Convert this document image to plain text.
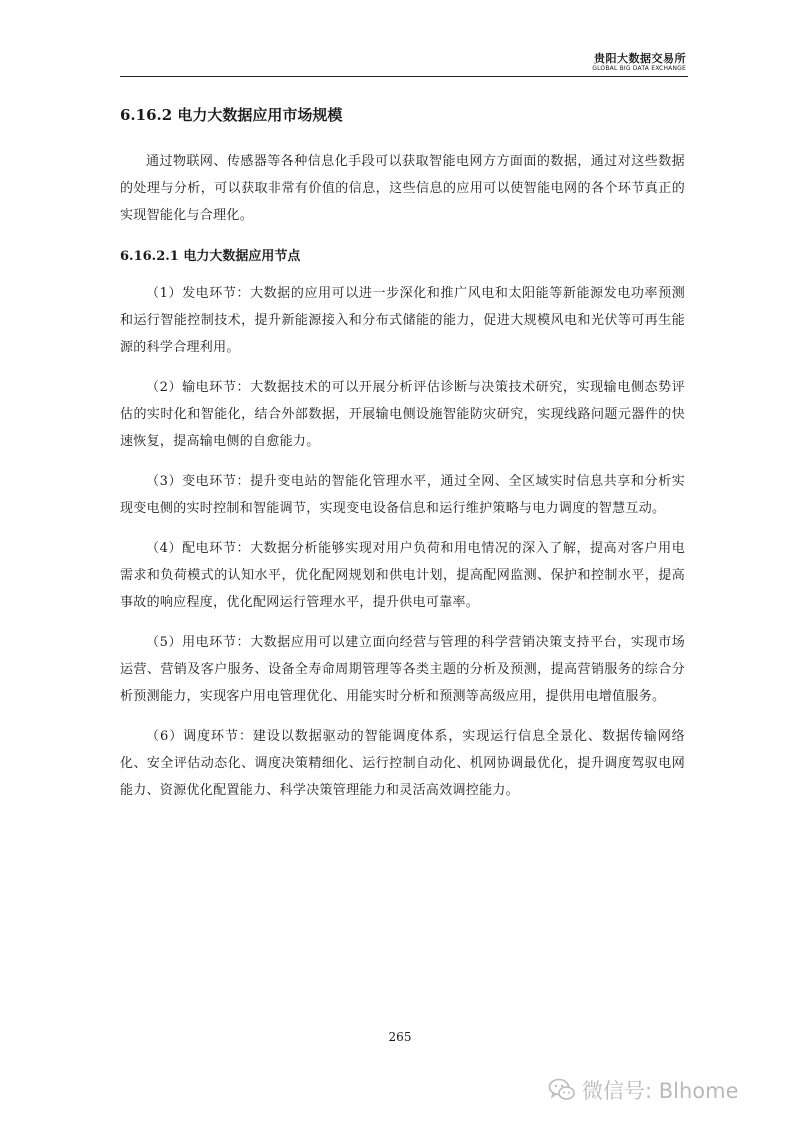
贵阳大数据交易所
GLOBAL BIG DATA EXCHANGE
6.16.2 电力大数据应用市场规模

通过物联网、传感器等各种信息化手段可以获取智能电网方方面面的数据，通过对这些数据的处理与分析，可以获取非常有价值的信息，这些信息的应用可以使智能电网的各个环节真正的实现智能化与合理化。

6.16.2.1 电力大数据应用节点

（1）发电环节：大数据的应用可以进一步深化和推广风电和太阳能等新能源发电功率预测和运行智能控制技术，提升新能源接入和分布式储能的能力，促进大规模风电和光伏等可再生能源的科学合理利用。

（2）输电环节：大数据技术的可以开展分析评估诊断与决策技术研究，实现输电侧态势评估的实时化和智能化，结合外部数据，开展输电侧设施智能防灾研究，实现线路问题元器件的快速恢复，提高输电侧的自愈能力。

（3）变电环节：提升变电站的智能化管理水平，通过全网、全区域实时信息共享和分析实现变电侧的实时控制和智能调节，实现变电设备信息和运行维护策略与电力调度的智慧互动。

（4）配电环节：大数据分析能够实现对用户负荷和用电情况的深入了解，提高对客户用电需求和负荷模式的认知水平，优化配网规划和供电计划，提高配网监测、保护和控制水平，提高事故的响应程度，优化配网运行管理水平，提升供电可靠率。

（5）用电环节：大数据应用可以建立面向经营与管理的科学营销决策支持平台，实现市场运营、营销及客户服务、设备全寿命周期管理等各类主题的分析及预测，提高营销服务的综合分析预测能力，实现客户用电管理优化、用能实时分析和预测等高级应用，提供用电增值服务。

（6）调度环节：建设以数据驱动的智能调度体系，实现运行信息全景化、数据传输网络化、安全评估动态化、调度决策精细化、运行控制自动化、机网协调最优化，提升调度驾驭电网能力、资源优化配置能力、科学决策管理能力和灵活高效调控能力。

265
微信号: Blhome
